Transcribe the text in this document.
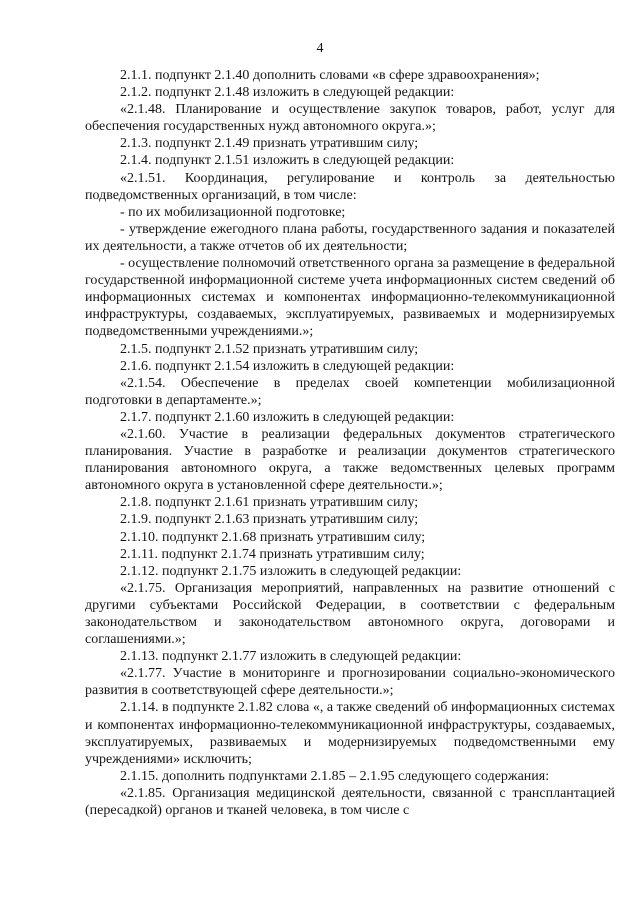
4

2.1.1. подпункт 2.1.40 дополнить словами «в сфере здравоохранения»;

2.1.2. подпункт 2.1.48 изложить в следующей редакции:

«2.1.48. Планирование и осуществление закупок товаров, работ, услуг для обеспечения государственных нужд автономного округа.»;

2.1.3. подпункт 2.1.49 признать утратившим силу;

2.1.4. подпункт 2.1.51 изложить в следующей редакции:

«2.1.51. Координация, регулирование и контроль за деятельностью подведомственных организаций, в том числе:

- по их мобилизационной подготовке;

- утверждение ежегодного плана работы, государственного задания и показателей их деятельности, а также отчетов об их деятельности;

- осуществление полномочий ответственного органа за размещение в федеральной государственной информационной системе учета информационных систем сведений об информационных системах и компонентах информационно-телекоммуникационной инфраструктуры, создаваемых, эксплуатируемых, развиваемых и модернизируемых подведомственными учреждениями.»;

2.1.5. подпункт 2.1.52 признать утратившим силу;

2.1.6. подпункт 2.1.54 изложить в следующей редакции:

«2.1.54. Обеспечение в пределах своей компетенции мобилизационной подготовки в департаменте.»;

2.1.7. подпункт 2.1.60 изложить в следующей редакции:

«2.1.60. Участие в реализации федеральных документов стратегического планирования. Участие в разработке и реализации документов стратегического планирования автономного округа, а также ведомственных целевых программ автономного округа в установленной сфере деятельности.»;

2.1.8. подпункт 2.1.61 признать утратившим силу;

2.1.9. подпункт 2.1.63 признать утратившим силу;

2.1.10. подпункт 2.1.68 признать утратившим силу;

2.1.11. подпункт 2.1.74 признать утратившим силу;

2.1.12. подпункт 2.1.75 изложить в следующей редакции:

«2.1.75. Организация мероприятий, направленных на развитие отношений с другими субъектами Российской Федерации, в соответствии с федеральным законодательством и законодательством автономного округа, договорами и соглашениями.»;

2.1.13. подпункт 2.1.77 изложить в следующей редакции:

«2.1.77. Участие в мониторинге и прогнозировании социально-экономического развития в соответствующей сфере деятельности.»;

2.1.14. в подпункте 2.1.82 слова «, а также сведений об информационных системах и компонентах информационно-телекоммуникационной инфраструктуры, создаваемых, эксплуатируемых, развиваемых и модернизируемых подведомственными ему учреждениями» исключить;

2.1.15. дополнить подпунктами 2.1.85 – 2.1.95 следующего содержания:

«2.1.85. Организация медицинской деятельности, связанной с трансплантацией (пересадкой) органов и тканей человека, в том числе с
